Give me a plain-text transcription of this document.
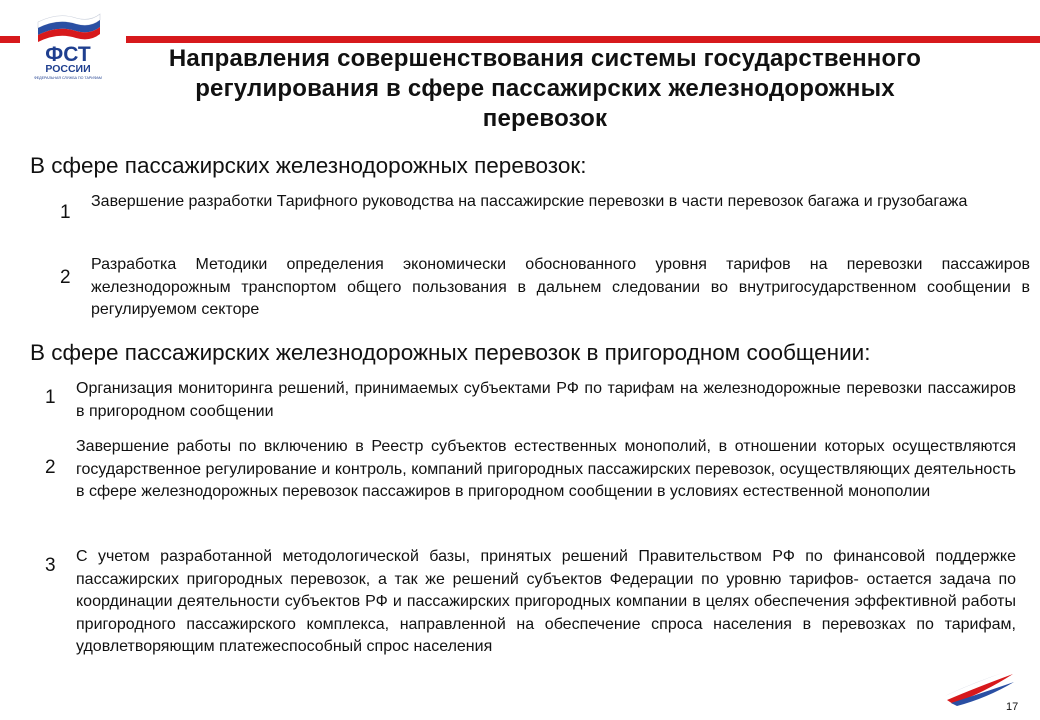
ФСТ
РОССИИ
ФЕДЕРАЛЬНАЯ СЛУЖБА ПО ТАРИФАМ
Направления совершенствования системы государственного регулирования в сфере пассажирских железнодорожных перевозок
В сфере пассажирских железнодорожных перевозок:
1
Завершение разработки Тарифного руководства на пассажирские перевозки в части перевозок багажа и грузобагажа
2
Разработка Методики определения экономически обоснованного уровня тарифов на перевозки пассажиров железнодорожным транспортом общего пользования в дальнем следовании во внутригосударственном сообщении в регулируемом секторе
В сфере пассажирских железнодорожных перевозок в пригородном сообщении:
1 Организация мониторинга решений, принимаемых субъектами РФ по тарифам на железнодорожные перевозки пассажиров в пригородном сообщении
2
Завершение работы по включению в Реестр субъектов естественных монополий, в отношении которых осуществляются государственное регулирование и контроль, компаний пригородных пассажирских перевозок, осуществляющих деятельность в сфере железнодорожных перевозок пассажиров в пригородном сообщении в условиях естественной монополии
3 С учетом разработанной методологической базы, принятых решений Правительством РФ по финансовой поддержке пассажирских пригородных перевозок, а так же решений субъектов Федерации по уровню тарифов- остается задача по координации деятельности субъектов РФ и пассажирских пригородных компании в целях обеспечения эффективной работы пригородного пассажирского комплекса, направленной на обеспечение спроса населения в перевозках по тарифам, удовлетворяющим платежеспособный спрос населения
17
